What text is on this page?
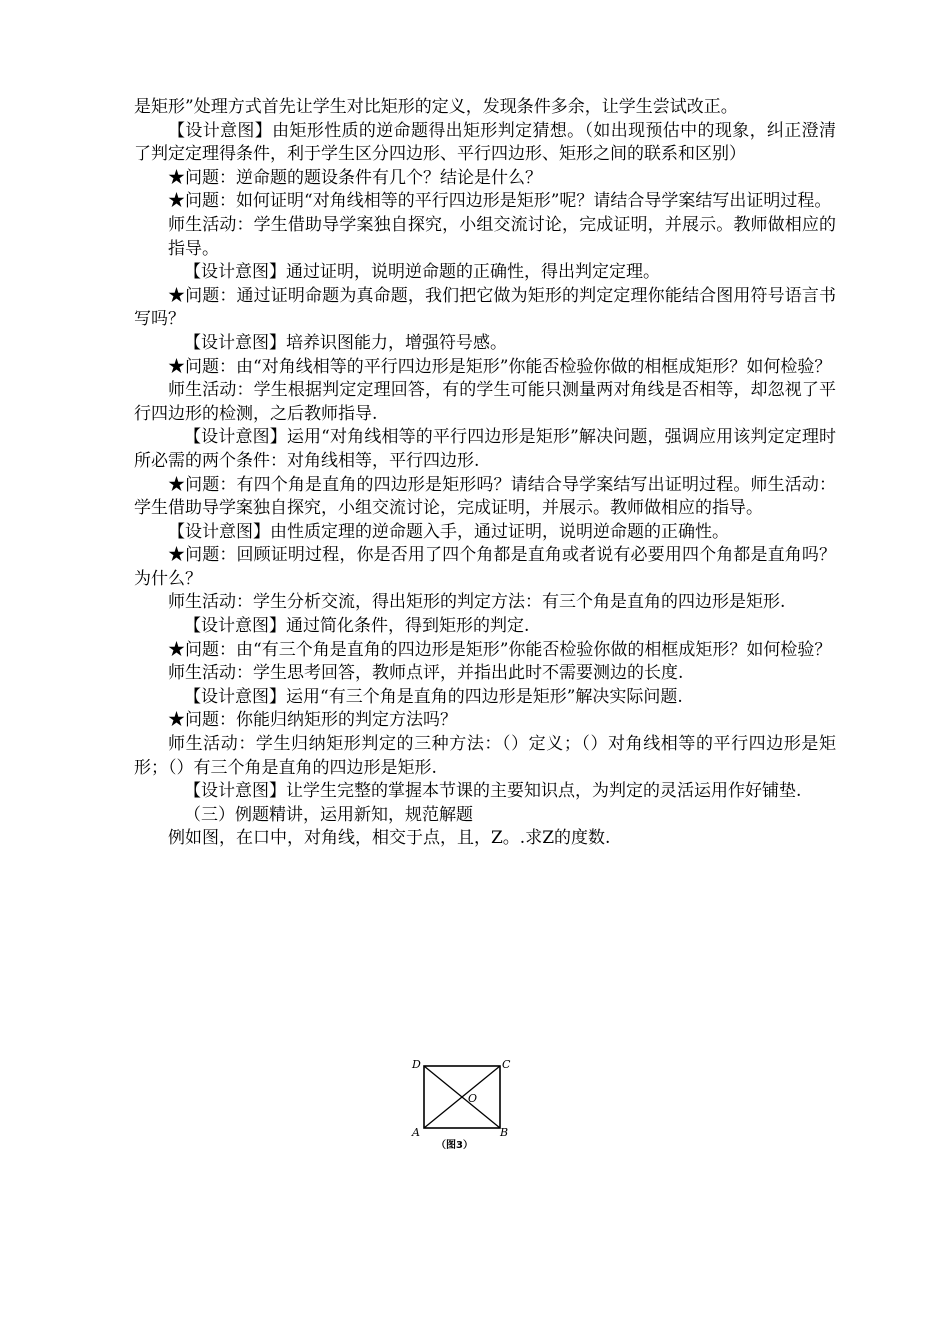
是矩形”处理方式首先让学生对比矩形的定义，发现条件多余，让学生尝试改正。

【设计意图】由矩形性质的逆命题得出矩形判定猜想。（如出现预估中的现象，纠正澄清了判定定理得条件，利于学生区分四边形、平行四边形、矩形之间的联系和区别）

★问题：逆命题的题设条件有几个？结论是什么？

★问题：如何证明“对角线相等的平行四边形是矩形”呢？请结合导学案结写出证明过程。

师生活动：学生借助导学案独自探究，小组交流讨论，完成证明，并展示。教师做相应的指导。

【设计意图】通过证明，说明逆命题的正确性，得出判定定理。

★问题：通过证明命题为真命题，我们把它做为矩形的判定定理你能结合图用符号语言书写吗？

【设计意图】培养识图能力，增强符号感。

★问题：由“对角线相等的平行四边形是矩形”你能否检验你做的相框成矩形？如何检验？

师生活动：学生根据判定定理回答，有的学生可能只测量两对角线是否相等，却忽视了平行四边形的检测，之后教师指导.

【设计意图】运用“对角线相等的平行四边形是矩形”解决问题，强调应用该判定定理时所必需的两个条件：对角线相等，平行四边形.

★问题：有四个角是直角的四边形是矩形吗？请结合导学案结写出证明过程。师生活动：学生借助导学案独自探究，小组交流讨论，完成证明，并展示。教师做相应的指导。

【设计意图】由性质定理的逆命题入手，通过证明，说明逆命题的正确性。

★问题：回顾证明过程，你是否用了四个角都是直角或者说有必要用四个角都是直角吗？为什么？

师生活动：学生分析交流，得出矩形的判定方法：有三个角是直角的四边形是矩形.

【设计意图】通过简化条件，得到矩形的判定.

★问题：由“有三个角是直角的四边形是矩形”你能否检验你做的相框成矩形？如何检验？

师生活动：学生思考回答，教师点评，并指出此时不需要测边的长度.

【设计意图】运用“有三个角是直角的四边形是矩形”解决实际问题.

★问题：你能归纳矩形的判定方法吗？

师生活动：学生归纳矩形判定的三种方法：（）定义；（）对角线相等的平行四边形是矩形；（）有三个角是直角的四边形是矩形.

【设计意图】让学生完整的掌握本节课的主要知识点，为判定的灵活运用作好铺垫.

（三）例题精讲，运用新知，规范解题

例如图，在口中，对角线，相交于点，且，Z。.求Z的度数.

D	C
A	B
O
（图3）
